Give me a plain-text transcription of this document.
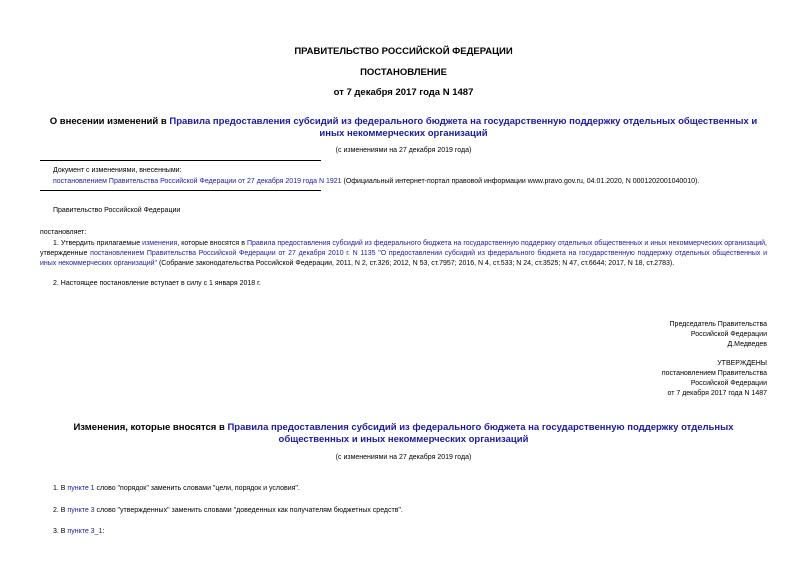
ПРАВИТЕЛЬСТВО РОССИЙСКОЙ ФЕДЕРАЦИИ
ПОСТАНОВЛЕНИЕ
от 7 декабря 2017 года N 1487
О внесении изменений в Правила предоставления субсидий из федерального бюджета на государственную поддержку отдельных общественных и иных некоммерческих организаций
(с изменениями на 27 декабря 2019 года)
Документ с изменениями, внесенными:
постановлением Правительства Российской Федерации от 27 декабря 2019 года N 1921 (Официальный интернет-портал правовой информации www.pravo.gov.ru, 04.01.2020, N 0001202001040010).
Правительство Российской Федерации
постановляет:
1. Утвердить прилагаемые изменения, которые вносятся в Правила предоставления субсидий из федерального бюджета на государственную поддержку отдельных общественных и иных некоммерческих организаций, утвержденные постановлением Правительства Российской Федерации от 27 декабря 2010 г. N 1135 "О предоставлении субсидий из федерального бюджета на государственную поддержку отдельных общественных и иных некоммерческих организаций" (Собрание законодательства Российской Федерации, 2011, N 2, ст.326; 2012, N 53, ст.7957; 2016, N 4, ст.533; N 24, ст.3525; N 47, ст.6644; 2017, N 18, ст.2783).
2. Настоящее постановление вступает в силу с 1 января 2018 г.
Председатель Правительства
Российской Федерации
Д.Медведев
УТВЕРЖДЕНЫ
постановлением Правительства
Российской Федерации
от 7 декабря 2017 года N 1487
Изменения, которые вносятся в Правила предоставления субсидий из федерального бюджета на государственную поддержку отдельных общественных и иных некоммерческих организаций
(с изменениями на 27 декабря 2019 года)
1. В пункте 1 слово "порядок" заменить словами "цели, порядок и условия".
2. В пункте 3 слово "утвержденных" заменить словами "доведенных как получателям бюджетных средств".
3. В пункте 3_1:
